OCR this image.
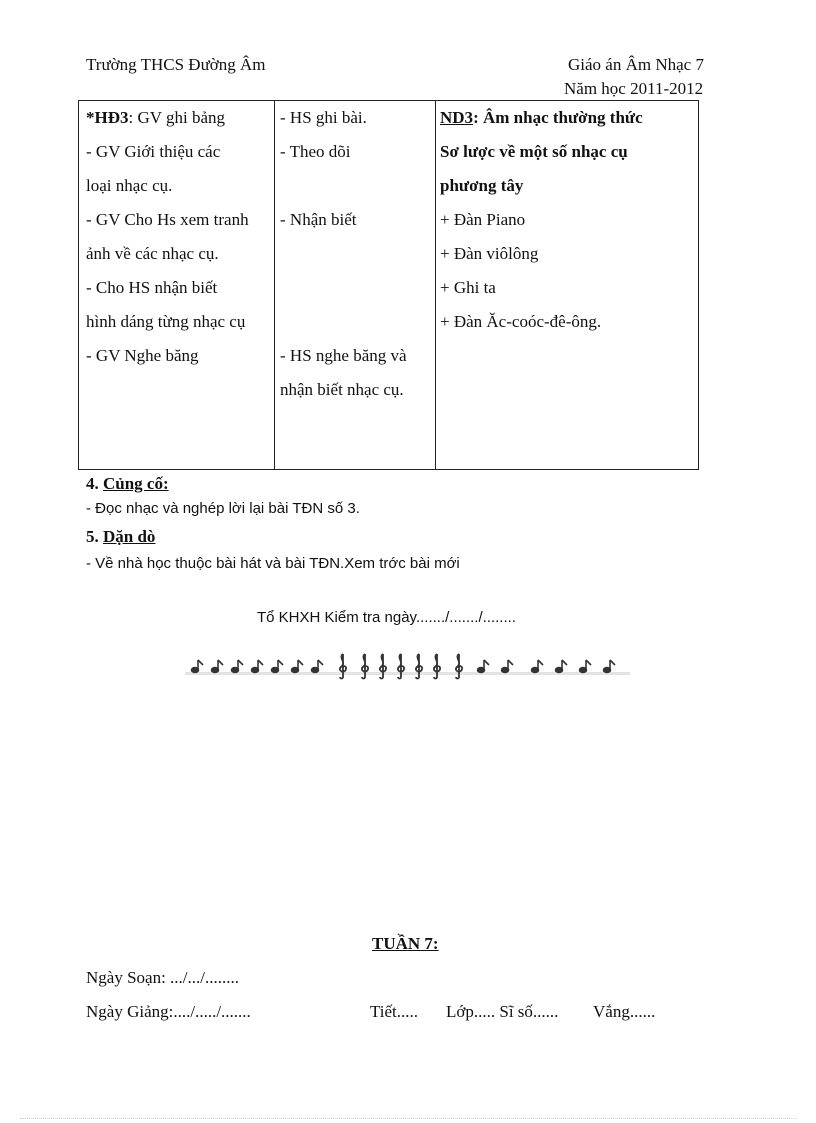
Trường THCS Đường Âm	Giáo án Âm Nhạc 7
Năm học 2011-2012
*HĐ3: GV ghi bảng
- GV Giới thiệu các
loại nhạc cụ.
- GV Cho Hs xem tranh
ảnh về các nhạc cụ.
- Cho HS nhận biết
hình dáng từng nhạc cụ
- GV Nghe băng
- HS ghi bài.
- Theo dõi
- Nhận biết
- HS nghe băng và
nhận biết nhạc cụ.
ND3: Âm nhạc thường thức
Sơ lược về một số nhạc cụ
phương tây
+ Đàn Piano
+ Đàn viôlông
+ Ghi ta
+ Đàn Ăc-coóc-đê-ông.
4. Củng cố:
- Đọc nhạc và nghép lời lại bài TĐN số 3.
5. Dặn dò
- Về nhà học thuộc bài hát và bài TĐN.Xem trớc bài mới
Tổ KHXH Kiểm tra ngày......./......./........
TUẦN 7:
Ngày Soạn: .../.../........
Ngày Giảng:..../...../.......	Tiết..... Lớp..... Sĩ số...... Vắng......
